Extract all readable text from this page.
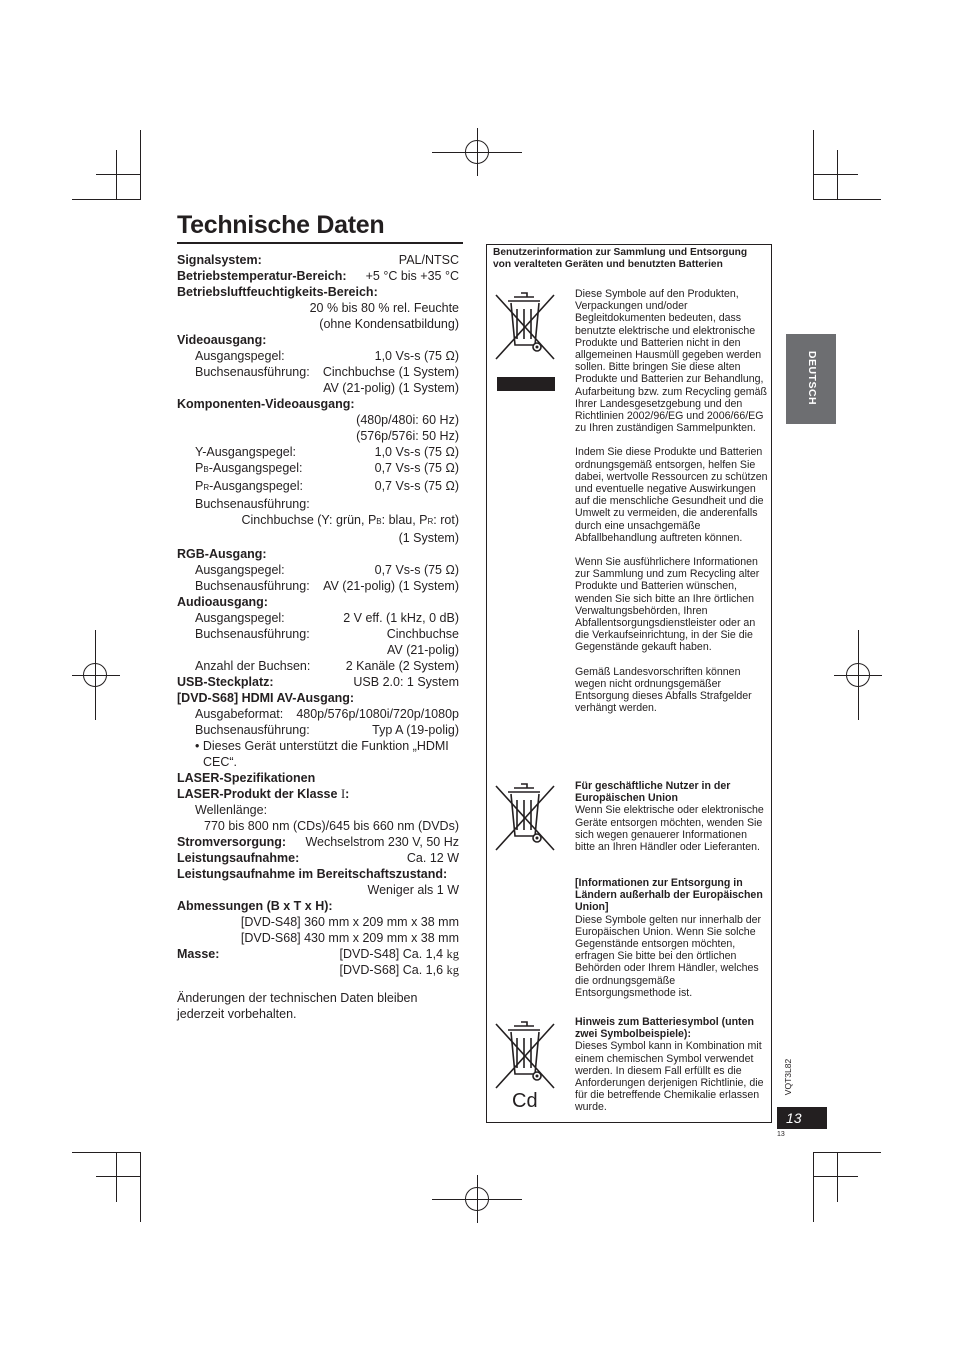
Technische Daten
Signalsystem:	PAL/NTSC
Betriebstemperatur-Bereich: +5 °C bis +35 °C
Betriebsluftfeuchtigkeits-Bereich:
20 % bis 80 % rel. Feuchte
(ohne Kondensatbildung)
Videoausgang:
Ausgangspegel:	1,0 Vs-s (75 Ω)
Buchsenausführung: Cinchbuchse (1 System)
AV (21-polig) (1 System)
Komponenten-Videoausgang:
(480p/480i: 60 Hz)
(576p/576i: 50 Hz)
Y-Ausgangspegel:	1,0 Vs-s (75 Ω)
PB-Ausgangspegel:	0,7 Vs-s (75 Ω)
PR-Ausgangspegel:	0,7 Vs-s (75 Ω)
Buchsenausführung:
Cinchbuchse (Y: grün, PB: blau, PR: rot)
(1 System)
RGB-Ausgang:
Ausgangspegel:	0,7 Vs-s (75 Ω)
Buchsenausführung: AV (21-polig) (1 System)
Audioausgang:
Ausgangspegel:	2 V eff. (1 kHz, 0 dB)
Buchsenausführung:	Cinchbuchse
AV (21-polig)
Anzahl der Buchsen:	2 Kanäle (2 System)
USB-Steckplatz:	USB 2.0: 1 System
[DVD-S68] HDMI AV-Ausgang:
Ausgabeformat: 480p/576p/1080i/720p/1080p
Buchsenausführung:	Typ A (19-polig)
• Dieses Gerät unterstützt die Funktion „HDMI
CEC“.
LASER-Spezifikationen
LASER-Produkt der Klasse I:
Wellenlänge:
770 bis 800 nm (CDs)/645 bis 660 nm (DVDs)
Stromversorgung: Wechselstrom 230 V, 50 Hz
Leistungsaufnahme:	Ca. 12 W
Leistungsaufnahme im Bereitschaftszustand:
Weniger als 1 W
Abmessungen (B x T x H):
[DVD-S48] 360 mm x 209 mm x 38 mm
[DVD-S68] 430 mm x 209 mm x 38 mm
Masse:	[DVD-S48] Ca. 1,4 kg
[DVD-S68] Ca. 1,6 kg
Änderungen der technischen Daten bleiben
jederzeit vorbehalten.
Benutzerinformation zur Sammlung und Entsorgung von veralteten Geräten und benutzten Batterien

Diese Symbole auf den Produkten, Verpackungen und/oder Begleitdokumenten bedeuten, dass benutzte elektrische und elektronische Produkte und Batterien nicht in den allgemeinen Hausmüll gegeben werden sollen. Bitte bringen Sie diese alten Produkte und Batterien zur Behandlung, Aufarbeitung bzw. zum Recycling gemäß Ihrer Landesgesetzgebung und den Richtlinien 2002/96/EG und 2006/66/EG zu Ihren zuständigen Sammelpunkten.

Indem Sie diese Produkte und Batterien ordnungsgemäß entsorgen, helfen Sie dabei, wertvolle Ressourcen zu schützen und eventuelle negative Auswirkungen auf die menschliche Gesundheit und die Umwelt zu vermeiden, die anderenfalls durch eine unsachgemäße Abfallbehandlung auftreten können.

Wenn Sie ausführlichere Informationen zur Sammlung und zum Recycling alter Produkte und Batterien wünschen, wenden Sie sich bitte an Ihre örtlichen Verwaltungsbehörden, Ihren Abfallentsorgungsdienstleister oder an die Verkaufseinrichtung, in der Sie die Gegenstände gekauft haben.

Gemäß Landesvorschriften können wegen nicht ordnungsgemäßer Entsorgung dieses Abfalls Strafgelder verhängt werden.

Für geschäftliche Nutzer in der Europäischen Union

Wenn Sie elektrische oder elektronische Geräte entsorgen möchten, wenden Sie sich wegen genauerer Informationen bitte an Ihren Händler oder Lieferanten.

[Informationen zur Entsorgung in Ländern außerhalb der Europäischen Union]

Diese Symbole gelten nur innerhalb der Europäischen Union. Wenn Sie solche Gegenstände entsorgen möchten, erfragen Sie bitte bei den örtlichen Behörden oder Ihrem Händler, welches die ordnungsgemäße Entsorgungsmethode ist.

Cd
Hinweis zum Batteriesymbol (unten zwei Symbolbeispiele):
Dieses Symbol kann in Kombination mit einem chemischen Symbol verwendet werden. In diesem Fall erfüllt es die Anforderungen derjenigen Richtlinie, die für die betreffende Chemikalie erlassen wurde.
DEUTSCH
VQT3L82
13
13
